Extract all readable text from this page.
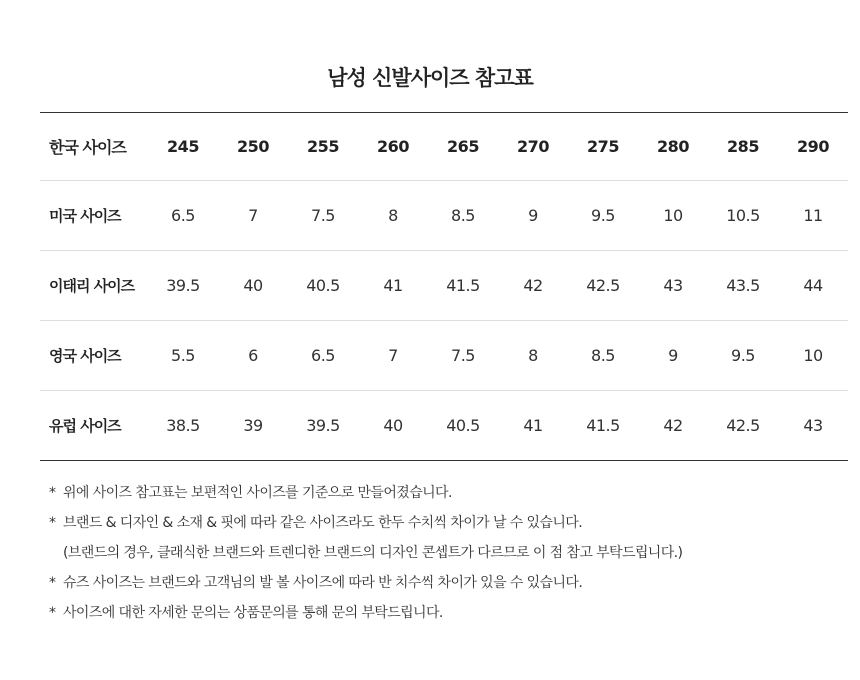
남성 신발사이즈 참고표
한국 사이즈	245	250	255	260	265	270	275	280	285	290
미국 사이즈	6.5	7	7.5	8	8.5	9	9.5	10	10.5	11
이태리 사이즈	39.5	40	40.5	41	41.5	42	42.5	43	43.5	44
영국 사이즈	5.5	6	6.5	7	7.5	8	8.5	9	9.5	10
유럽 사이즈	38.5	39	39.5	40	40.5	41	41.5	42	42.5	43
* 위에 사이즈 참고표는 보편적인 사이즈를 기준으로 만들어졌습니다.
* 브랜드 & 디자인 & 소재 & 핏에 따라 같은 사이즈라도 한두 수치씩 차이가 날 수 있습니다.
(브랜드의 경우, 클래식한 브랜드와 트렌디한 브랜드의 디자인 콘셉트가 다르므로 이 점 참고 부탁드립니다.)
* 슈즈 사이즈는 브랜드와 고객님의 발 볼 사이즈에 따라 반 치수씩 차이가 있을 수 있습니다.
* 사이즈에 대한 자세한 문의는 상품문의를 통해 문의 부탁드립니다.
